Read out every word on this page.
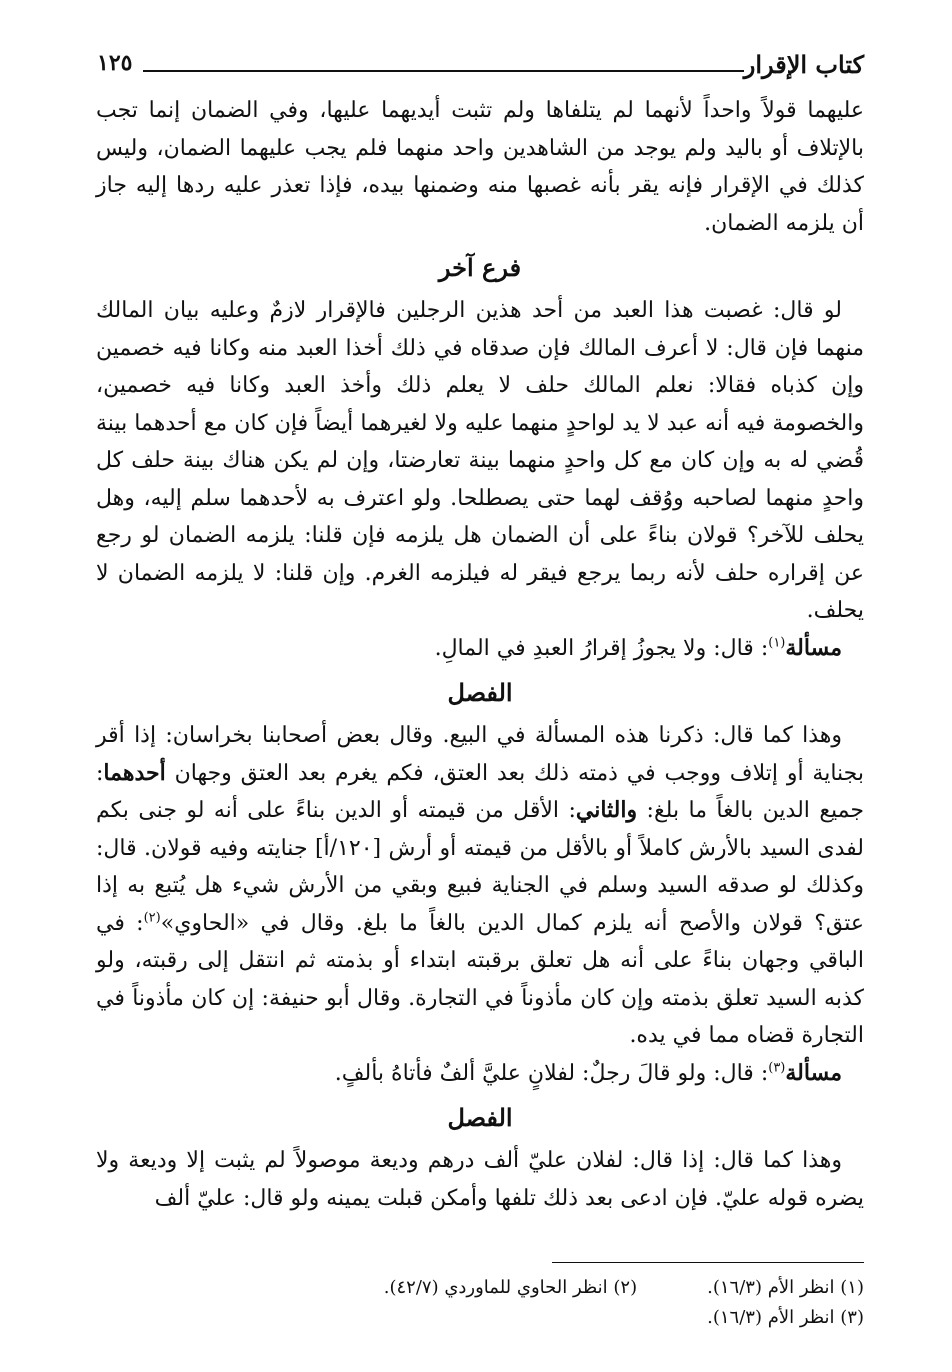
كتاب الإقرار
١٢٥

عليهما قولاً واحداً لأنهما لم يتلفاها ولم تثبت أيديهما عليها، وفي الضمان إنما تجب بالإتلاف أو باليد ولم يوجد من الشاهدين واحد منهما فلم يجب عليهما الضمان، وليس كذلك في الإقرار فإنه يقر بأنه غصبها منه وضمنها بيده، فإذا تعذر عليه ردها إليه جاز أن يلزمه الضمان.

فرع آخر

لو قال: غصبت هذا العبد من أحد هذين الرجلين فالإقرار لازمٌ وعليه بيان المالك منهما فإن قال: لا أعرف المالك فإن صدقاه في ذلك أخذا العبد منه وكانا فيه خصمين وإن كذباه فقالا: نعلم المالك حلف لا يعلم ذلك وأخذ العبد وكانا فيه خصمين، والخصومة فيه أنه عبد لا يد لواحدٍ منهما عليه ولا لغيرهما أيضاً فإن كان مع أحدهما بينة قُضي له به وإن كان مع كل واحدٍ منهما بينة تعارضتا، وإن لم يكن هناك بينة حلف كل واحدٍ منهما لصاحبه ووُقف لهما حتى يصطلحا. ولو اعترف به لأحدهما سلم إليه، وهل يحلف للآخر؟ قولان بناءً على أن الضمان هل يلزمه فإن قلنا: يلزمه الضمان لو رجع عن إقراره حلف لأنه ربما يرجع فيقر له فيلزمه الغرم. وإن قلنا: لا يلزمه الضمان لا يحلف.

مسألة$^{(١)}$: قال: ولا يجوزُ إقرارُ العبدِ في المالِ.

الفصل

وهذا كما قال: ذكرنا هذه المسألة في البيع. وقال بعض أصحابنا بخراسان: إذا أقر بجناية أو إتلاف ووجب في ذمته ذلك بعد العتق، فكم يغرم بعد العتق وجهان أحدهما: جميع الدين بالغاً ما بلغ: والثاني: الأقل من قيمته أو الدين بناءً على أنه لو جنى بكم لفدى السيد بالأرش كاملاً أو بالأقل من قيمته أو أرش [١٢٠/أ] جنايته وفيه قولان. قال: وكذلك لو صدقه السيد وسلم في الجناية فبيع وبقي من الأرش شيء هل يُتبع به إذا عتق؟ قولان والأصح أنه يلزم كمال الدين بالغاً ما بلغ. وقال في «الحاوي»$^{(٢)}$: في الباقي وجهان بناءً على أنه هل تعلق برقبته ابتداء أو بذمته ثم انتقل إلى رقبته، ولو كذبه السيد تعلق بذمته وإن كان مأذوناً في التجارة. وقال أبو حنيفة: إن كان مأذوناً في التجارة قضاه مما في يده.

مسألة$^{(٣)}$: قال: ولو قالَ رجلٌ: لفلانٍ عليَّ ألفٌ فأتاهُ بألفٍ.

الفصل

وهذا كما قال: إذا قال: لفلان عليّ ألف درهم وديعة موصولاً لم يثبت إلا وديعة ولا يضره قوله عليّ. فإن ادعى بعد ذلك تلفها وأمكن قبلت يمينه ولو قال: عليّ ألف

(١) انظر الأم (١٦/٣).
(٢) انظر الحاوي للماوردي (٤٢/٧).
(٣) انظر الأم (١٦/٣).
